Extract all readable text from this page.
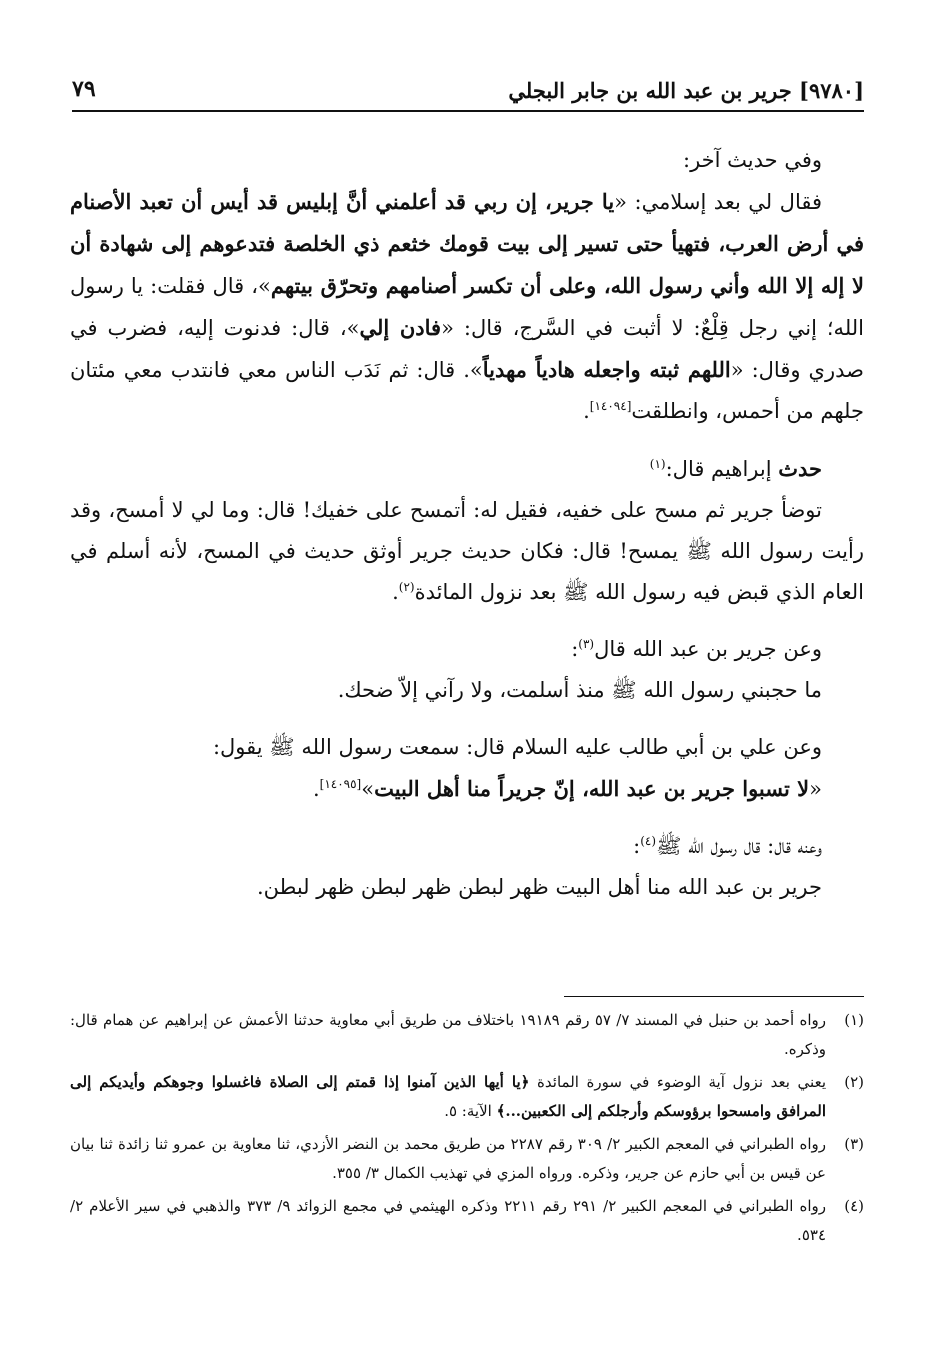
[٩٧٨٠] جرير بن عبد الله بن جابر البجلي
٧٩

وفي حديث آخر:

فقال لي بعد إسلامي: «يا جرير، إن ربي قد أعلمني أنَّ إبليس قد أيس أن تعبد الأصنام في أرض العرب، فتهيأ حتى تسير إلى بيت قومك خثعم ذي الخلصة فتدعوهم إلى شهادة أن لا إله إلا الله وأني رسول الله، وعلى أن تكسر أصنامهم وتحرّق بيتهم»، قال فقلت: يا رسول الله؛ إني رجل قِلْعٌ: لا أثبت في السَّرج، قال: «فادن إلي»، قال: فدنوت إليه، فضرب في صدري وقال: «اللهم ثبته واجعله هادياً مهدياً». قال: ثم نَدَب الناس معي فانتدب معي مئتان جلهم من أحمس، وانطلقت[١٤٠٩٤].

حدث إبراهيم قال:$^{(١)}$

توضأ جرير ثم مسح على خفيه، فقيل له: أتمسح على خفيك! قال: وما لي لا أمسح، وقد رأيت رسول الله ﷺ يمسح! قال: فكان حديث جرير أوثق حديث في المسح، لأنه أسلم في العام الذي قبض فيه رسول الله ﷺ بعد نزول المائدة$^{(٢)}$.

وعن جرير بن عبد الله قال$^{(٣)}$:

ما حجبني رسول الله ﷺ منذ أسلمت، ولا رآني إلاّ ضحك.

وعن علي بن أبي طالب عليه السلام قال: سمعت رسول الله ﷺ يقول:

«لا تسبوا جرير بن عبد الله، إنّ جريراً منا أهل البيت»[١٤٠٩٥].

وعنه قال: قال رسول الله ﷺ$^{(٤)}$:

جرير بن عبد الله منا أهل البيت ظهر لبطن ظهر لبطن ظهر لبطن.

(١)
رواه أحمد بن حنبل في المسند ٧/ ٥٧ رقم ١٩١٨٩ باختلاف من طريق أبي معاوية حدثنا الأعمش عن إبراهيم عن همام قال: وذكره.
(٢)
يعني بعد نزول آية الوضوء في سورة المائدة ﴿يا أيها الذين آمنوا إذا قمتم إلى الصلاة فاغسلوا وجوهكم وأيديكم إلى المرافق وامسحوا برؤوسكم وأرجلكم إلى الكعبين...﴾ الآية: ٥.
(٣)
رواه الطبراني في المعجم الكبير ٢/ ٣٠٩ رقم ٢٢٨٧ من طريق محمد بن النضر الأزدي، ثنا معاوية بن عمرو ثنا زائدة ثنا بيان عن قيس بن أبي حازم عن جرير، وذكره. ورواه المزي في تهذيب الكمال ٣/ ٣٥٥.
(٤)
رواه الطبراني في المعجم الكبير ٢/ ٢٩١ رقم ٢٢١١ وذكره الهيثمي في مجمع الزوائد ٩/ ٣٧٣ والذهبي في سير الأعلام ٢/ ٥٣٤.
